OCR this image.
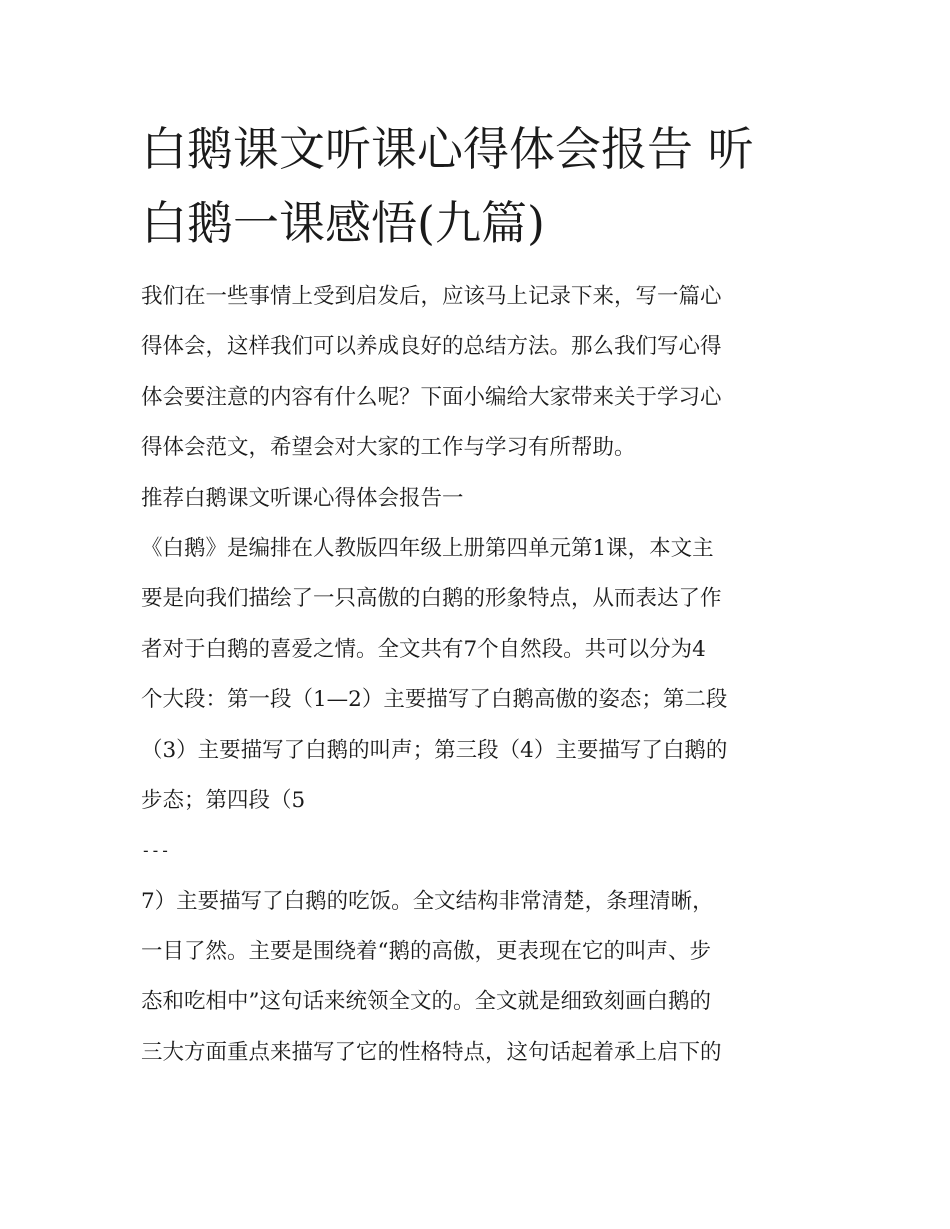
白鹅课文听课心得体会报告 听
白鹅一课感悟(九篇)
我们在一些事情上受到启发后，应该马上记录下来，写一篇心
得体会，这样我们可以养成良好的总结方法。那么我们写心得
体会要注意的内容有什么呢？下面小编给大家带来关于学习心
得体会范文，希望会对大家的工作与学习有所帮助。
推荐白鹅课文听课心得体会报告一
《白鹅》是编排在人教版四年级上册第四单元第1课，本文主
要是向我们描绘了一只高傲的白鹅的形象特点，从而表达了作
者对于白鹅的喜爱之情。全文共有7个自然段。共可以分为4
个大段：第一段（1—2）主要描写了白鹅高傲的姿态；第二段
（3）主要描写了白鹅的叫声；第三段（4）主要描写了白鹅的
步态；第四段（5
---
7）主要描写了白鹅的吃饭。全文结构非常清楚，条理清晰，
一目了然。主要是围绕着“鹅的高傲，更表现在它的叫声、步
态和吃相中”这句话来统领全文的。全文就是细致刻画白鹅的
三大方面重点来描写了它的性格特点，这句话起着承上启下的
